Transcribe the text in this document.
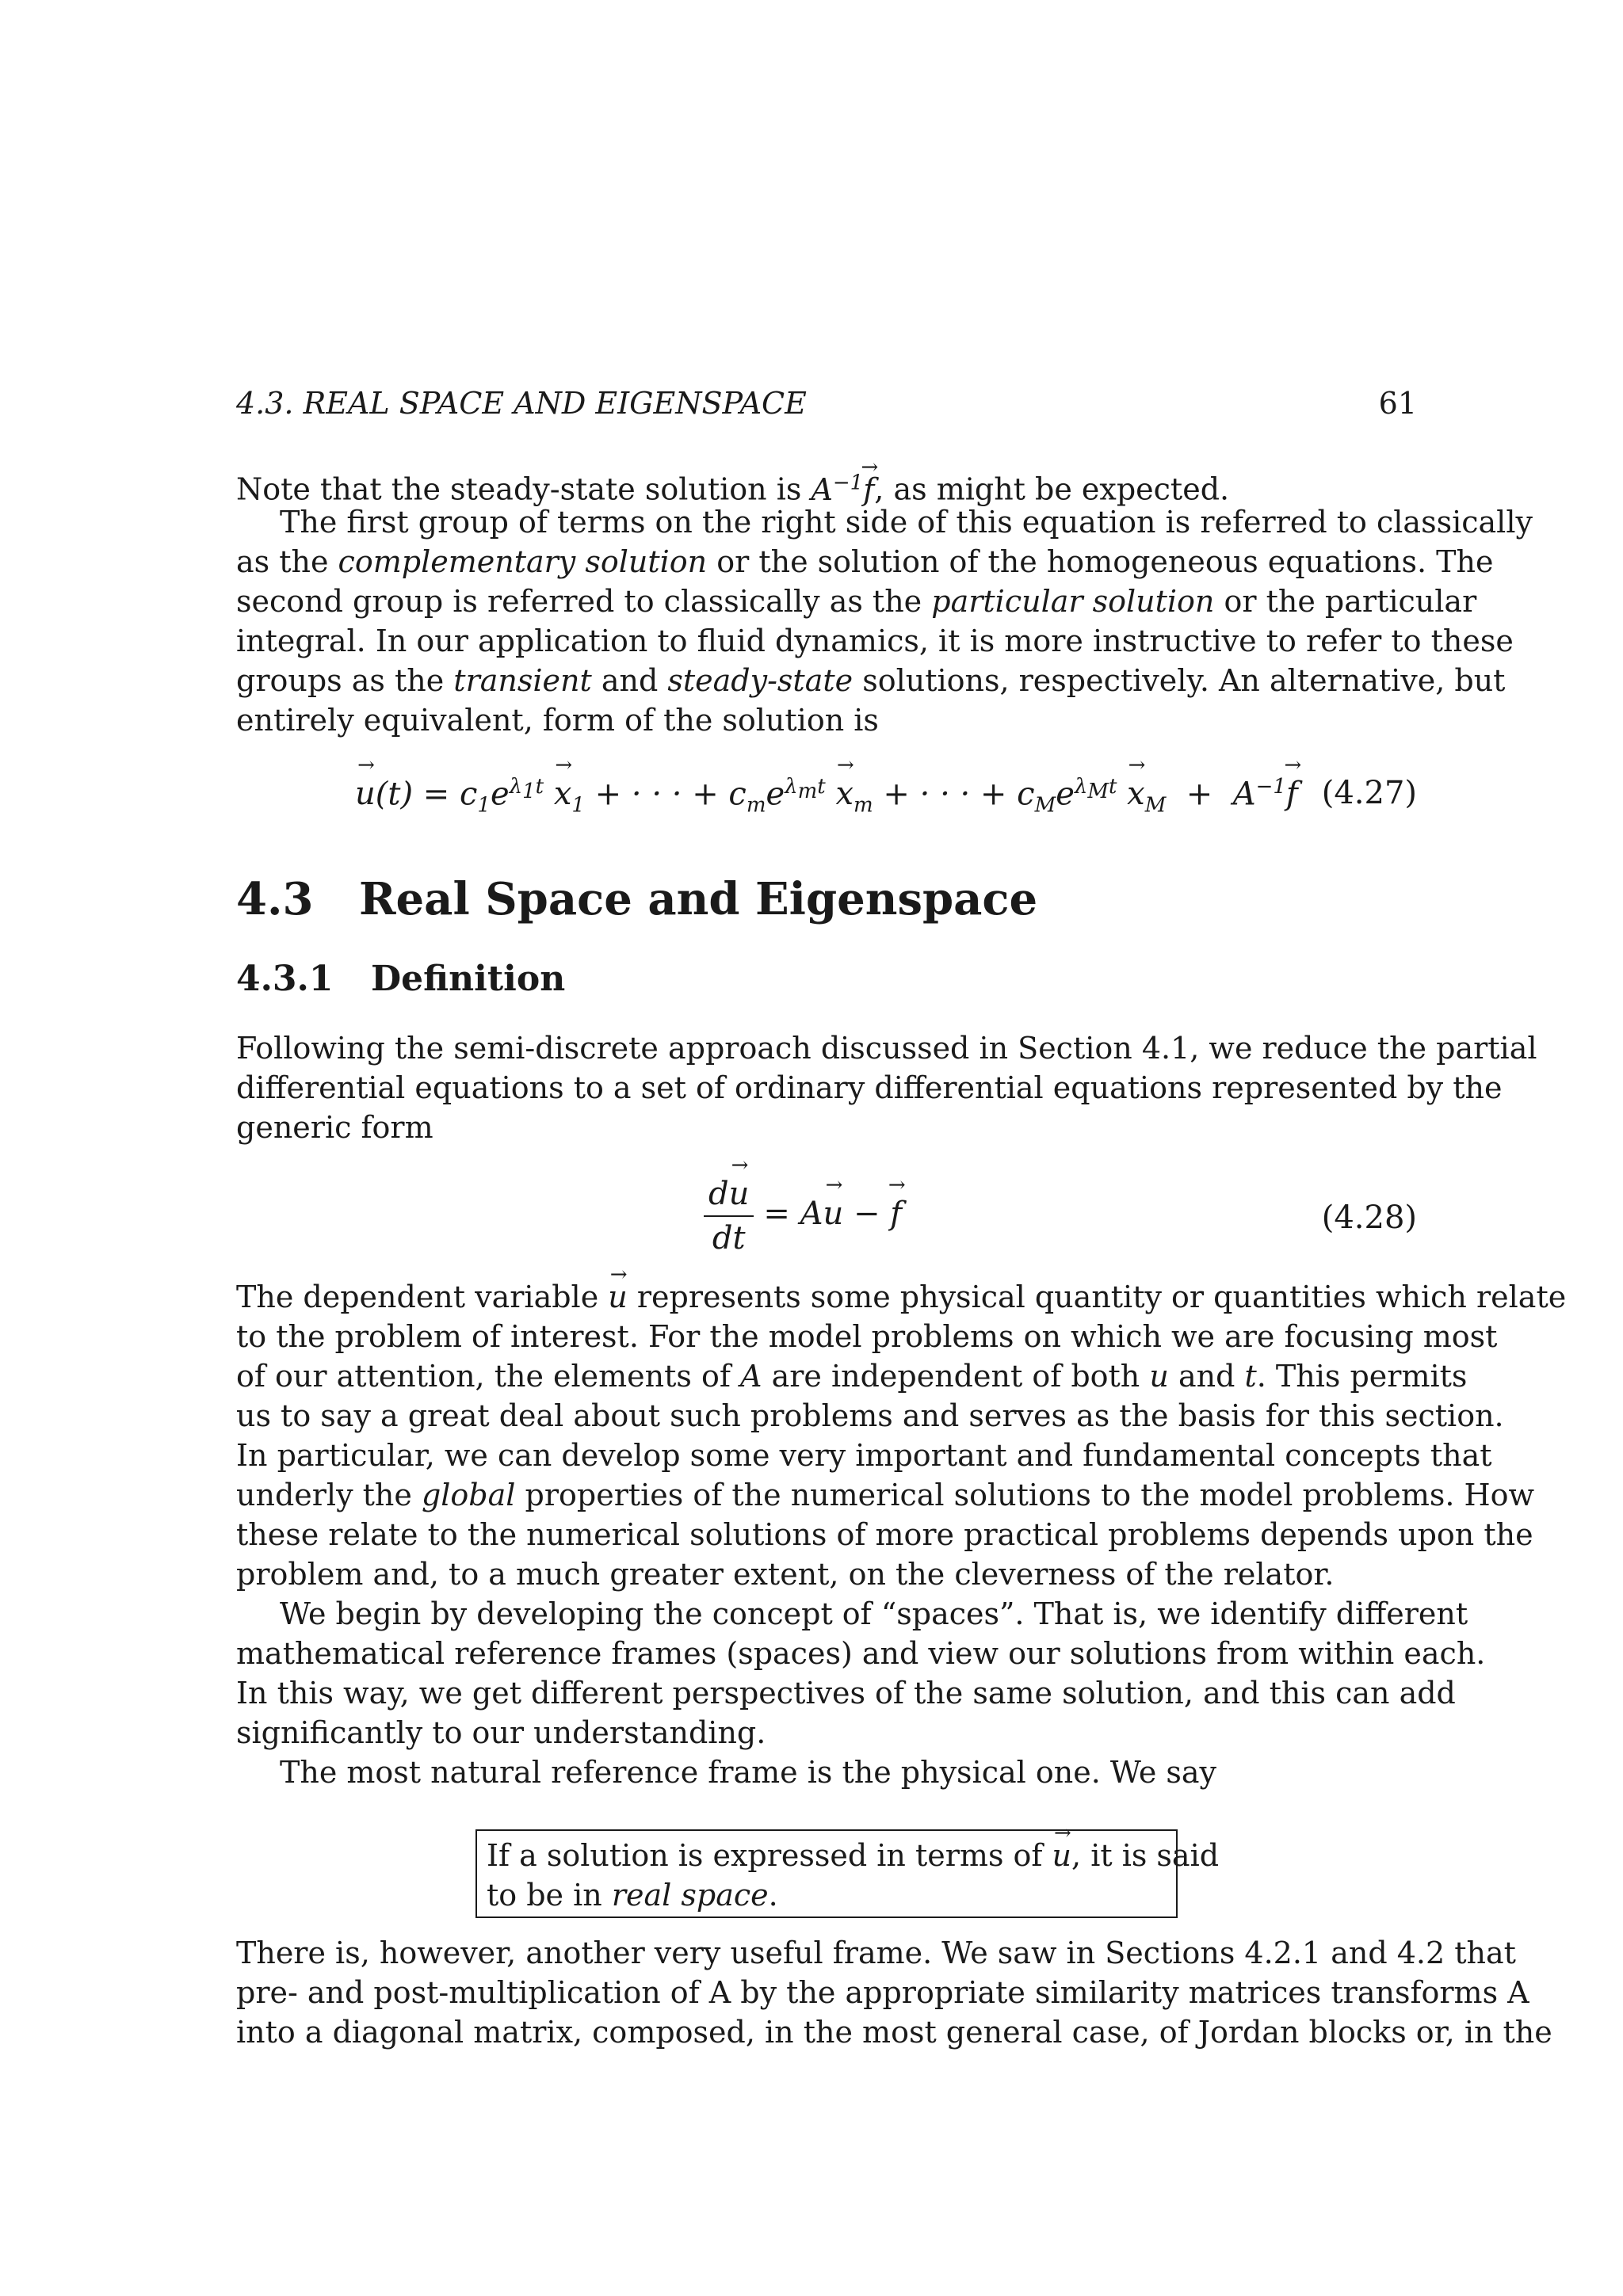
4.3. REAL SPACE AND EIGENSPACE	61
Note that the steady-state solution is $A^{-1}f$ →, as might be expected.
The first group of terms on the right side of this equation is referred to classically
as the complementary solution or the solution of the homogeneous equations. The
second group is referred to classically as the particular solution or the particular
integral. In our application to fluid dynamics, it is more instructive to refer to these
groups as the transient and steady-state solutions, respectively. An alternative, but
entirely equivalent, form of the solution is
$u \to(t) = c_1e^{\lambda_1t}$ $x \to_1$ + · · · + $c_me^{\lambda_mt}$ $x \to_m$ + · · · + $c_Me^{\lambda_Mt}$ $x \to_M + A^{-1}f \to (4.27)$
4.3 Real Space and Eigenspace
4.3.1 Definition
Following the semi-discrete approach discussed in Section 4.1, we reduce the partial
differential equations to a set of ordinary differential equations represented by the
generic form
$\frac{du \to}{dt} = Au$ → − f →	(4.28)
The dependent variable u → represents some physical quantity or quantities which relate
to the problem of interest. For the model problems on which we are focusing most
of our attention, the elements of A are independent of both u and t. This permits
us to say a great deal about such problems and serves as the basis for this section.
In particular, we can develop some very important and fundamental concepts that
underly the global properties of the numerical solutions to the model problems. How
these relate to the numerical solutions of more practical problems depends upon the
problem and, to a much greater extent, on the cleverness of the relator.
We begin by developing the concept of “spaces”. That is, we identify different
mathematical reference frames (spaces) and view our solutions from within each.
In this way, we get different perspectives of the same solution, and this can add
significantly to our understanding.
The most natural reference frame is the physical one. We say
If a solution is expressed in terms of u →, it is said
to be in real space.
There is, however, another very useful frame. We saw in Sections 4.2.1 and 4.2 that
pre- and post-multiplication of A by the appropriate similarity matrices transforms A
into a diagonal matrix, composed, in the most general case, of Jordan blocks or, in the
